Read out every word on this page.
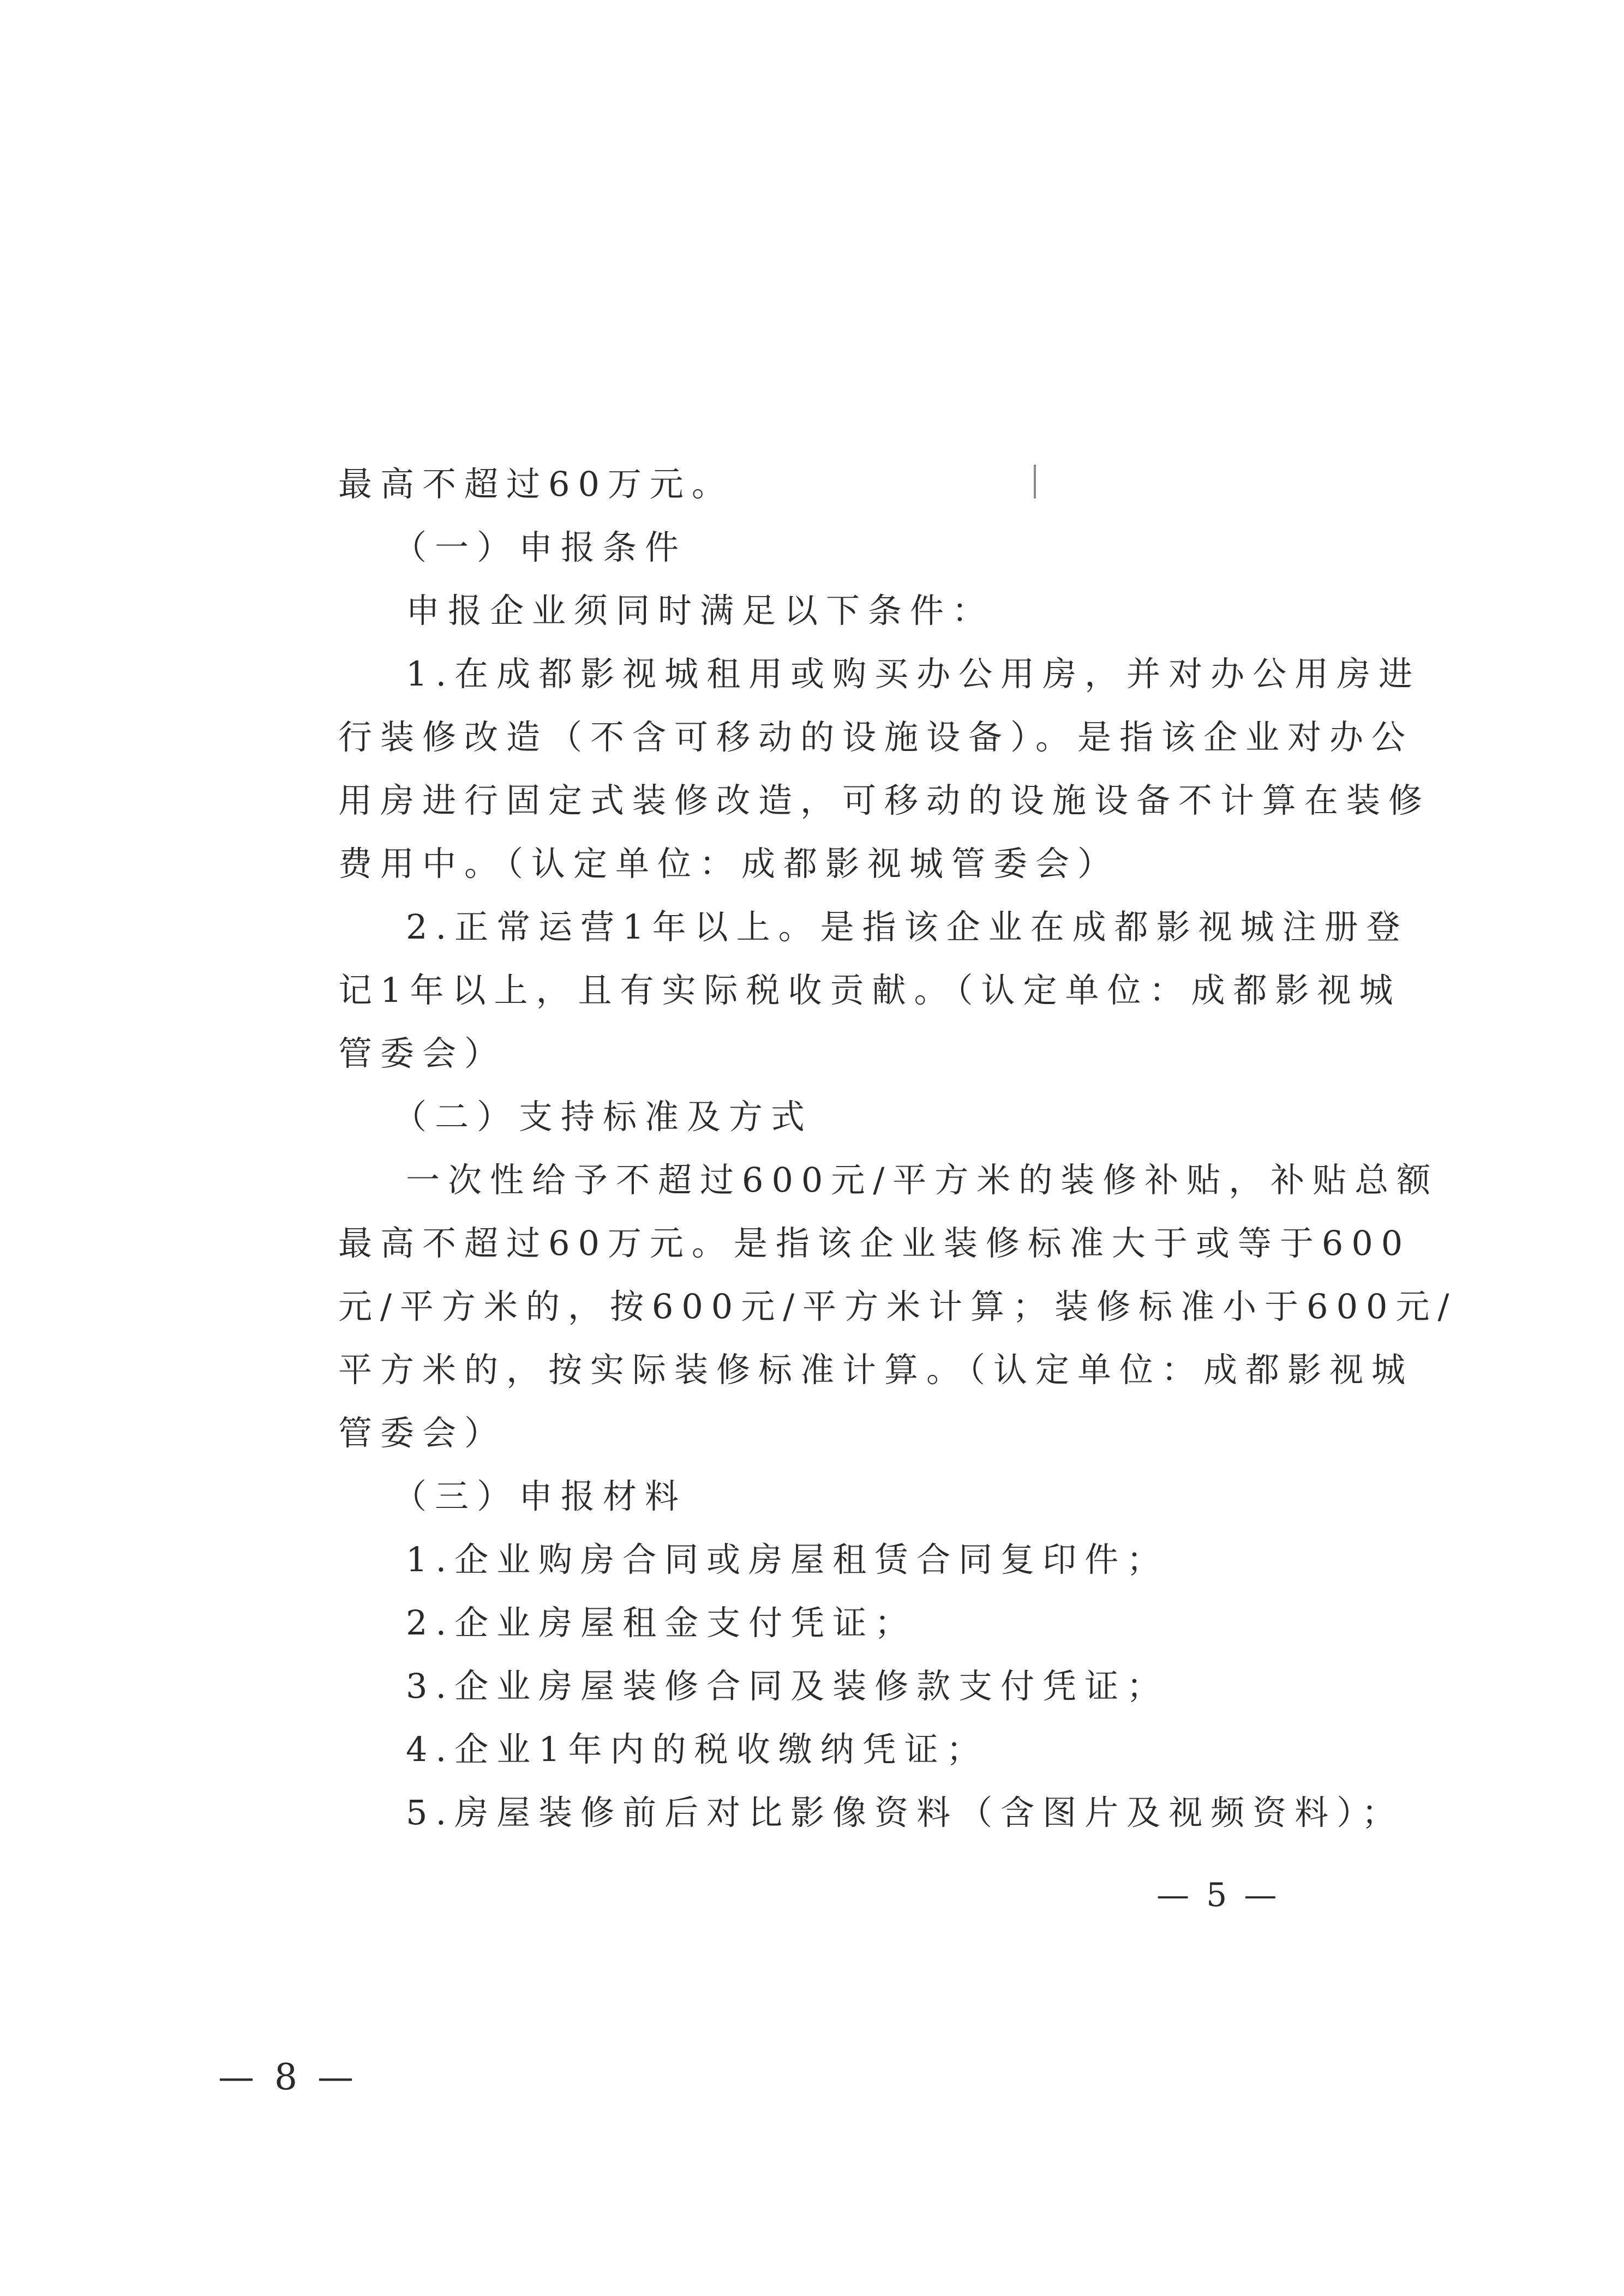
最高不超过60万元。
（一）申报条件
申报企业须同时满足以下条件：
1.在成都影视城租用或购买办公用房，并对办公用房进
行装修改造（不含可移动的设施设备）。是指该企业对办公
用房进行固定式装修改造，可移动的设施设备不计算在装修
费用中。（认定单位：成都影视城管委会）
2.正常运营1年以上。是指该企业在成都影视城注册登
记1年以上，且有实际税收贡献。（认定单位：成都影视城
管委会）
（二）支持标准及方式
一次性给予不超过600元/平方米的装修补贴，补贴总额
最高不超过60万元。是指该企业装修标准大于或等于600
元/平方米的，按600元/平方米计算；装修标准小于600元/
平方米的，按实际装修标准计算。（认定单位：成都影视城
管委会）
（三）申报材料
1.企业购房合同或房屋租赁合同复印件；
2.企业房屋租金支付凭证；
3.企业房屋装修合同及装修款支付凭证；
4.企业1年内的税收缴纳凭证；
5.房屋装修前后对比影像资料（含图片及视频资料）；
— 5 —
— 8 —
